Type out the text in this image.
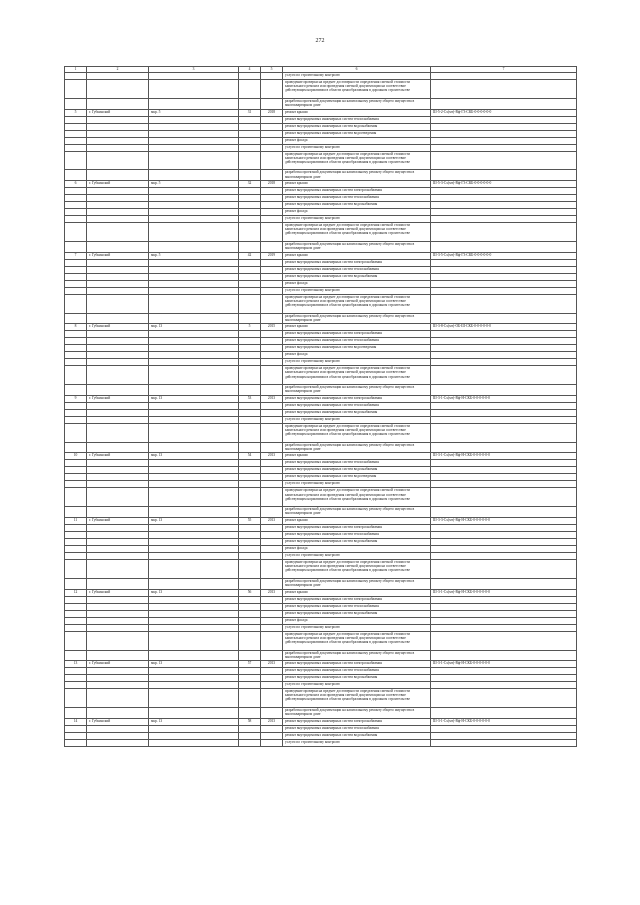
272
1	2	3	4	5	6	7
					услуги по строительному контролю	
					проведение проверки на предмет достоверности определения сметной стоимости капитального ремонта или проведения сметной документации на соответствие действующим нормативам в области ценообразования в дорожном строительстве	
					разработка проектной документации на капитальному ремонту общего имущества в многоквартирном доме	
5	г. Губкинский	мкр. 5	31	2018	ремонт крыши	Ш-5-2-Сх(мт)-Вф-Г3-СКБ-0-0-0-0-0-0
					ремонт внутридомовых инженерных систем теплоснабжения	
					ремонт внутридомовых инженерных систем водоснабжения	
					ремонт внутридомовых инженерных систем водоотведения	
					ремонт фасада	
					услуги по строительному контролю	
					проведение проверки на предмет достоверности определения сметной стоимости капитального ремонта или проведения сметной документации на соответствие действующим нормативам в области ценообразования в дорожном строительстве	
					разработка проектной документации на капитальному ремонту общего имущества в многоквартирном доме	
6	г. Губкинский	мкр. 5	32	2018	ремонт крыши	Ш-5-3-Сх(мт)-Вф-Г3-СКБ-0-0-0-0-0-0
					ремонт внутридомовых инженерных систем электроснабжения	
					ремонт внутридомовых инженерных систем теплоснабжения	
					ремонт внутридомовых инженерных систем водоснабжения	
					ремонт фасада	
					услуги по строительному контролю	
					проведение проверки на предмет достоверности определения сметной стоимости капитального ремонта или проведения сметной документации на соответствие действующим нормативам в области ценообразования в дорожном строительстве	
					разработка проектной документации на капитальному ремонту общего имущества в многоквартирном доме	
7	г. Губкинский	мкр. 5	42	2019	ремонт крыши	Ш-3-5-Сх(мт)-Вф-Г3-СКБ-0-0-0-0-0-0
					ремонт внутридомовых инженерных систем электроснабжения	
					ремонт внутридомовых инженерных систем теплоснабжения	
					ремонт внутридомовых инженерных систем водоснабжения	
					ремонт фасада	
					услуги по строительному контролю	
					проведение проверки на предмет достоверности определения сметной стоимости капитального ремонта или проведения сметной документации на соответствие действующим нормативам в области ценообразования в дорожном строительстве	
					разработка проектной документации на капитальному ремонту общего имущества в многоквартирном доме	
8	г. Губкинский	мкр. 13	5	2015	ремонт крыши	Ш-3-8-Сх(мт)-ОБ-Ш-СКБ-0-0-0-0-0-0
					ремонт внутридомовых инженерных систем электроснабжения	
					ремонт внутридомовых инженерных систем теплоснабжения	
					ремонт внутридомовых инженерных систем водоотведения	
					ремонт фасада	
					услуги по строительному контролю	
					проведение проверки на предмет достоверности определения сметной стоимости капитального ремонта или проведения сметной документации на соответствие действующим нормативам в области ценообразования в дорожном строительстве	
					разработка проектной документации на капитальному ремонту общего имущества в многоквартирном доме	
9	г. Губкинский	мкр. 13	53	2013	ремонт внутридомовых инженерных систем электроснабжения	Ш-3-1-Сх(мт)-Вф-Н-СКБ-0-0-0-0-0-0
					ремонт внутридомовых инженерных систем теплоснабжения	
					ремонт внутридомовых инженерных систем водоснабжения	
					услуги по строительному контролю	
					проведение проверки на предмет достоверности определения сметной стоимости капитального ремонта или проведения сметной документации на соответствие действующим нормативам в области ценообразования в дорожном строительстве	
					разработка проектной документации на капитальному ремонту общего имущества в многоквартирном доме	
10	г. Губкинский	мкр. 13	54	2013	ремонт крыши	Ш-3-1-Сх(мт)-Вф-Н-СКБ-0-0-0-0-0-0
					ремонт внутридомовых инженерных систем теплоснабжения	
					ремонт внутридомовых инженерных систем водоснабжения	
					ремонт внутридомовых инженерных систем водоотведения	
					услуги по строительному контролю	
					проведение проверки на предмет достоверности определения сметной стоимости капитального ремонта или проведения сметной документации на соответствие действующим нормативам в области ценообразования в дорожном строительстве	
					разработка проектной документации на капитальному ремонту общего имущества в многоквартирном доме	
11	г. Губкинский	мкр. 13	55	2013	ремонт крыши	Ш-3-3-Сх(мт)-Вф-Н-СКБ-0-0-0-0-0-0
					ремонт внутридомовых инженерных систем электроснабжения	
					ремонт внутридомовых инженерных систем теплоснабжения	
					ремонт внутридомовых инженерных систем водоснабжения	
					ремонт фасада	
					услуги по строительному контролю	
					проведение проверки на предмет достоверности определения сметной стоимости капитального ремонта или проведения сметной документации на соответствие действующим нормативам в области ценообразования в дорожном строительстве	
					разработка проектной документации на капитальному ремонту общего имущества в многоквартирном доме	
12	г. Губкинский	мкр. 13	56	2013	ремонт крыши	Ш-3-1-Сх(мт)-Вф-Н-СКБ-0-0-0-0-0-0
					ремонт внутридомовых инженерных систем электроснабжения	
					ремонт внутридомовых инженерных систем теплоснабжения	
					ремонт внутридомовых инженерных систем водоснабжения	
					ремонт фасада	
					услуги по строительному контролю	
					проведение проверки на предмет достоверности определения сметной стоимости капитального ремонта или проведения сметной документации на соответствие действующим нормативам в области ценообразования в дорожном строительстве	
					разработка проектной документации на капитальному ремонту общего имущества в многоквартирном доме	
13	г. Губкинский	мкр. 13	57	2013	ремонт внутридомовых инженерных систем электроснабжения	Ш-3-1-Сх(мт)-Вф-Н-СКБ-0-0-0-0-0-0
					ремонт внутридомовых инженерных систем теплоснабжения	
					ремонт внутридомовых инженерных систем водоснабжения	
					услуги по строительному контролю	
					проведение проверки на предмет достоверности определения сметной стоимости капитального ремонта или проведения сметной документации на соответствие действующим нормативам в области ценообразования в дорожном строительстве	
					разработка проектной документации на капитальному ремонту общего имущества в многоквартирном доме	
14	г. Губкинский	мкр. 13	58	2013	ремонт внутридомовых инженерных систем электроснабжения	Ш-3-1-Сх(мт)-Вф-Н-СКБ-0-0-0-0-0-0
					ремонт внутридомовых инженерных систем теплоснабжения	
					ремонт внутридомовых инженерных систем водоснабжения	
					услуги по строительному контролю	
